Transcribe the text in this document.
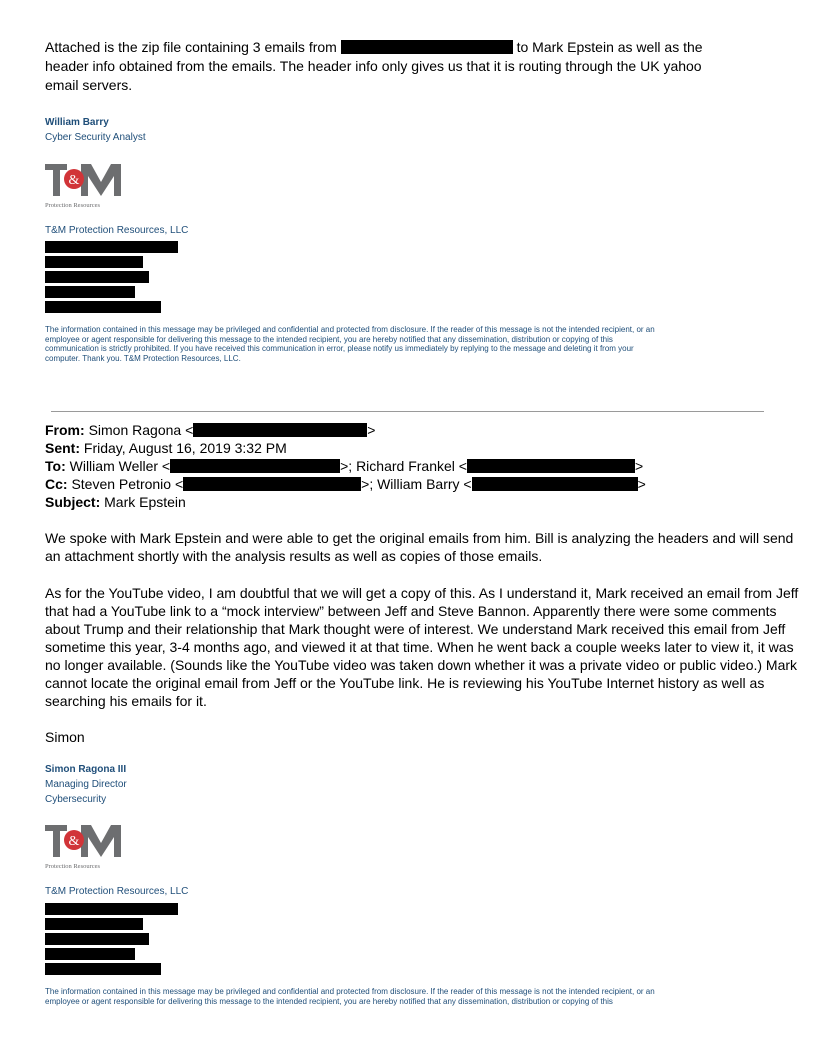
Attached is the zip file containing 3 emails from	to Mark Epstein as well as the
header info obtained from the emails. The header info only gives us that it is routing through the UK yahoo
email servers.
William Barry
Cyber Security Analyst
&
Protection Resources
T&M Protection Resources, LLC
The information contained in this message may be privileged and confidential and protected from disclosure. If the reader of this message is not the intended recipient, or an
employee or agent responsible for delivering this message to the intended recipient, you are hereby notified that any dissemination, distribution or copying of this
communication is strictly prohibited. If you have received this communication in error, please notify us immediately by replying to the message and deleting it from your
computer. Thank you. T&M Protection Resources, LLC.
From: Simon Ragona <	>
Sent: Friday, August 16, 2019 3:32 PM
To: William Weller <	>; Richard Frankel <	>
Cc: Steven Petronio <	>; William Barry <	>
Subject: Mark Epstein
We spoke with Mark Epstein and were able to get the original emails from him. Bill is analyzing the headers and will send
an attachment shortly with the analysis results as well as copies of those emails.
As for the YouTube video, I am doubtful that we will get a copy of this. As I understand it, Mark received an email from Jeff
that had a YouTube link to a “mock interview” between Jeff and Steve Bannon. Apparently there were some comments
about Trump and their relationship that Mark thought were of interest. We understand Mark received this email from Jeff
sometime this year, 3-4 months ago, and viewed it at that time. When he went back a couple weeks later to view it, it was
no longer available. (Sounds like the YouTube video was taken down whether it was a private video or public video.) Mark
cannot locate the original email from Jeff or the YouTube link. He is reviewing his YouTube Internet history as well as
searching his emails for it.
Simon
Simon Ragona III
Managing Director
Cybersecurity
&
Protection Resources
T&M Protection Resources, LLC
The information contained in this message may be privileged and confidential and protected from disclosure. If the reader of this message is not the intended recipient, or an
employee or agent responsible for delivering this message to the intended recipient, you are hereby notified that any dissemination, distribution or copying of this
